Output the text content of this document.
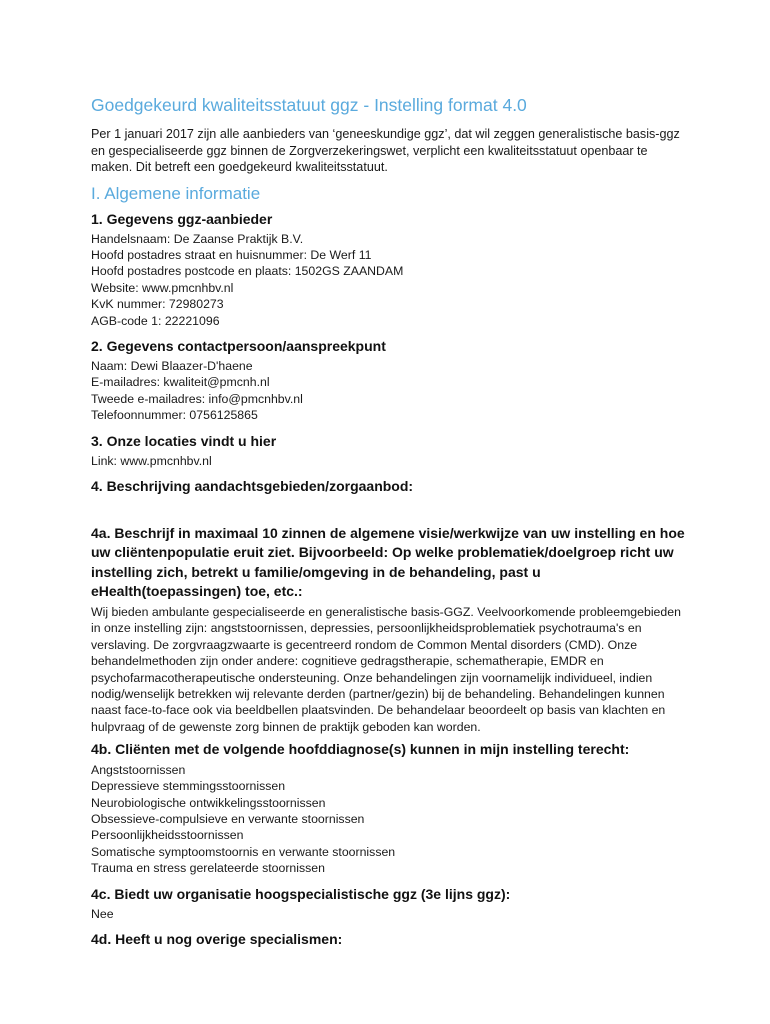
Goedgekeurd kwaliteitsstatuut ggz - Instelling format 4.0

Per 1 januari 2017 zijn alle aanbieders van ‘geneeskundige ggz’, dat wil zeggen generalistische basis-ggz en gespecialiseerde ggz binnen de Zorgverzekeringswet, verplicht een kwaliteitsstatuut openbaar te maken. Dit betreft een goedgekeurd kwaliteitsstatuut.

I. Algemene informatie
1. Gegevens ggz-aanbieder

Handelsnaam: De Zaanse Praktijk B.V.

Hoofd postadres straat en huisnummer: De Werf 11

Hoofd postadres postcode en plaats: 1502GS ZAANDAM

Website: www.pmcnhbv.nl

KvK nummer: 72980273

AGB-code 1: 22221096

2. Gegevens contactpersoon/aanspreekpunt

Naam: Dewi Blaazer-D'haene

E-mailadres: kwaliteit@pmcnh.nl

Tweede e-mailadres: info@pmcnhbv.nl

Telefoonnummer: 0756125865

3. Onze locaties vindt u hier

Link: www.pmcnhbv.nl

4. Beschrijving aandachtsgebieden/zorgaanbod:
4a. Beschrijf in maximaal 10 zinnen de algemene visie/werkwijze van uw instelling en hoe uw cliëntenpopulatie eruit ziet. Bijvoorbeeld: Op welke problematiek/doelgroep richt uw instelling zich, betrekt u familie/omgeving in de behandeling, past u eHealth(toepassingen) toe, etc.:

Wij bieden ambulante gespecialiseerde en generalistische basis-GGZ. Veelvoorkomende probleemgebieden in onze instelling zijn: angststoornissen, depressies, persoonlijkheidsproblematiek psychotrauma's en verslaving. De zorgvraagzwaarte is gecentreerd rondom de Common Mental disorders (CMD). Onze behandelmethoden zijn onder andere: cognitieve gedragstherapie, schematherapie, EMDR en psychofarmacotherapeutische ondersteuning. Onze behandelingen zijn voornamelijk individueel, indien nodig/wenselijk betrekken wij relevante derden (partner/gezin) bij de behandeling. Behandelingen kunnen naast face-to-face ook via beeldbellen plaatsvinden. De behandelaar beoordeelt op basis van klachten en hulpvraag of de gewenste zorg binnen de praktijk geboden kan worden.

4b. Cliënten met de volgende hoofddiagnose(s) kunnen in mijn instelling terecht:

Angststoornissen

Depressieve stemmingsstoornissen

Neurobiologische ontwikkelingsstoornissen

Obsessieve-compulsieve en verwante stoornissen

Persoonlijkheidsstoornissen

Somatische symptoomstoornis en verwante stoornissen

Trauma en stress gerelateerde stoornissen

4c. Biedt uw organisatie hoogspecialistische ggz (3e lijns ggz):

Nee

4d. Heeft u nog overige specialismen:
